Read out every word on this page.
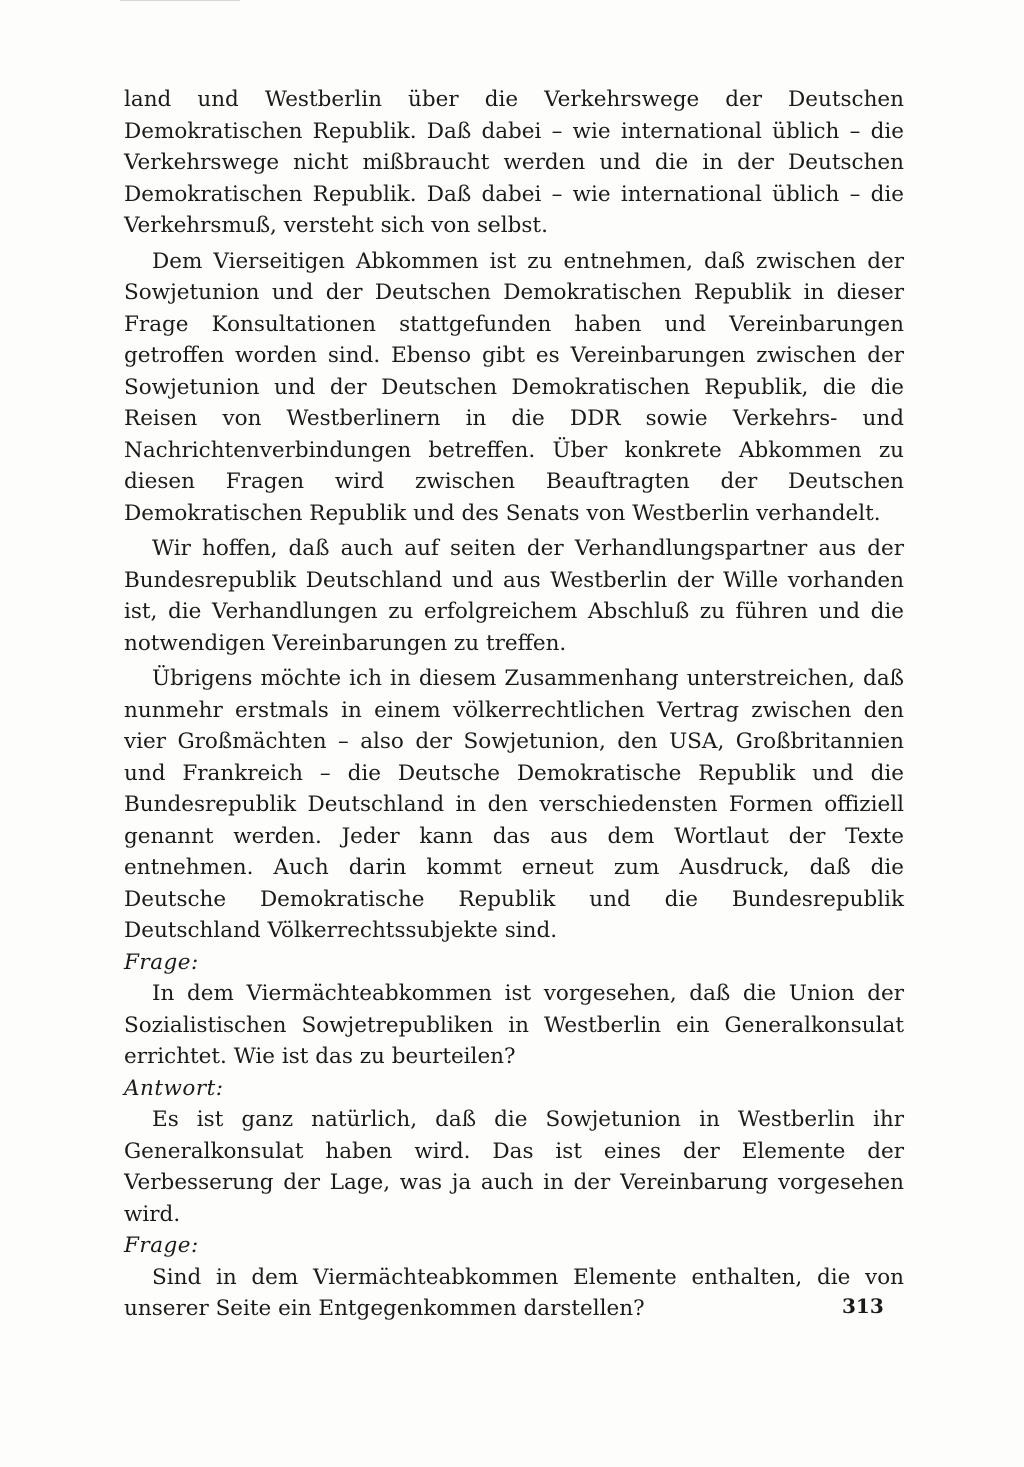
land und Westberlin über die Verkehrswege der Deutschen Demokratischen Republik. Daß dabei – wie international üblich – die Verkehrswege nicht mißbraucht werden und die in der Deutschen Demokratischen Republik. Daß dabei – wie international üblich – die Verkehrsmuß, versteht sich von selbst.

Dem Vierseitigen Abkommen ist zu entnehmen, daß zwischen der Sowjetunion und der Deutschen Demokratischen Republik in dieser Frage Konsultationen stattgefunden haben und Vereinbarungen getroffen worden sind. Ebenso gibt es Vereinbarungen zwischen der Sowjetunion und der Deutschen Demokratischen Republik, die die Reisen von Westberlinern in die DDR sowie Verkehrs- und Nachrichtenverbindungen betreffen. Über konkrete Abkommen zu diesen Fragen wird zwischen Beauftragten der Deutschen Demokratischen Republik und des Senats von Westberlin verhandelt.

Wir hoffen, daß auch auf seiten der Verhandlungspartner aus der Bundesrepublik Deutschland und aus Westberlin der Wille vorhanden ist, die Verhandlungen zu erfolgreichem Abschluß zu führen und die notwendigen Vereinbarungen zu treffen.

Übrigens möchte ich in diesem Zusammenhang unterstreichen, daß nunmehr erstmals in einem völkerrechtlichen Vertrag zwischen den vier Großmächten – also der Sowjetunion, den USA, Großbritannien und Frankreich – die Deutsche Demokratische Republik und die Bundesrepublik Deutschland in den verschiedensten Formen offiziell genannt werden. Jeder kann das aus dem Wortlaut der Texte entnehmen. Auch darin kommt erneut zum Ausdruck, daß die Deutsche Demokratische Republik und die Bundesrepublik Deutschland Völkerrechtssubjekte sind.

Frage:

In dem Viermächteabkommen ist vorgesehen, daß die Union der Sozialistischen Sowjetrepubliken in Westberlin ein Generalkonsulat errichtet. Wie ist das zu beurteilen?

Antwort:

Es ist ganz natürlich, daß die Sowjetunion in Westberlin ihr Generalkonsulat haben wird. Das ist eines der Elemente der Verbesserung der Lage, was ja auch in der Vereinbarung vorgesehen wird.

Frage:

Sind in dem Viermächteabkommen Elemente enthalten, die von unserer Seite ein Entgegenkommen darstellen?	313
